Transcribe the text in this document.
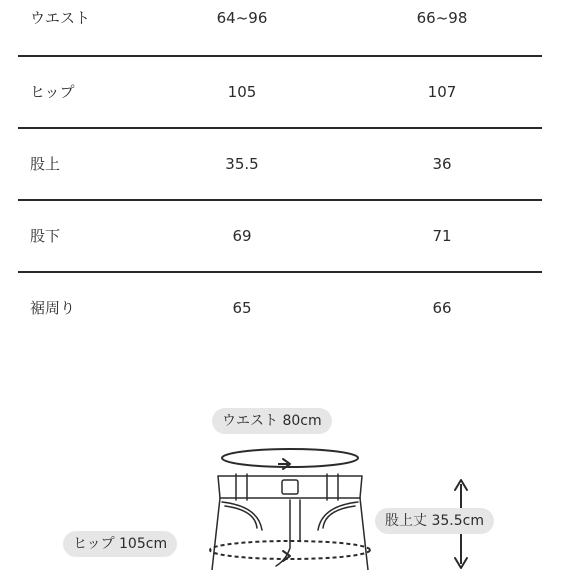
ウエスト	64~96	66~98
ヒップ	105	107
股上	35.5	36
股下	69	71
裾周り	65	66
ウエスト 80cm
ヒップ 105cm
股上丈 35.5cm
